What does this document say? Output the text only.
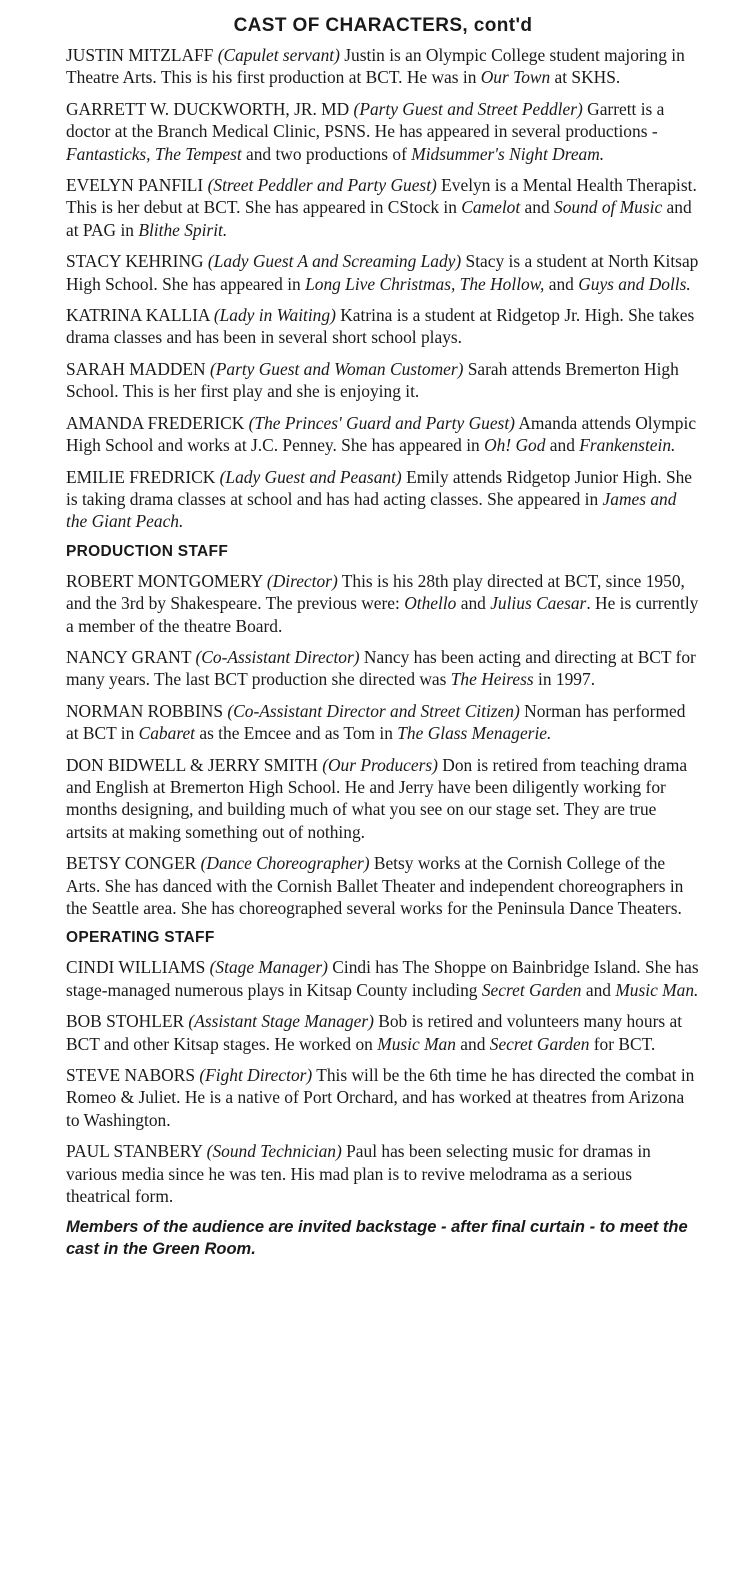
CAST OF CHARACTERS, cont'd

JUSTIN MITZLAFF (Capulet servant) Justin is an Olympic College student majoring in Theatre Arts. This is his first production at BCT. He was in Our Town at SKHS.

GARRETT W. DUCKWORTH, JR. MD (Party Guest and Street Peddler) Garrett is a doctor at the Branch Medical Clinic, PSNS. He has appeared in several productions - Fantasticks, The Tempest and two productions of Midsummer's Night Dream.

EVELYN PANFILI (Street Peddler and Party Guest) Evelyn is a Mental Health Therapist. This is her debut at BCT. She has appeared in CStock in Camelot and Sound of Music and at PAG in Blithe Spirit.

STACY KEHRING (Lady Guest A and Screaming Lady) Stacy is a student at North Kitsap High School. She has appeared in Long Live Christmas, The Hollow, and Guys and Dolls.

KATRINA KALLIA (Lady in Waiting) Katrina is a student at Ridgetop Jr. High. She takes drama classes and has been in several short school plays.

SARAH MADDEN (Party Guest and Woman Customer) Sarah attends Bremerton High School. This is her first play and she is enjoying it.

AMANDA FREDERICK (The Princes' Guard and Party Guest) Amanda attends Olympic High School and works at J.C. Penney. She has appeared in Oh! God and Frankenstein.

EMILIE FREDRICK (Lady Guest and Peasant) Emily attends Ridgetop Junior High. She is taking drama classes at school and has had acting classes. She appeared in James and the Giant Peach.

PRODUCTION STAFF

ROBERT MONTGOMERY (Director) This is his 28th play directed at BCT, since 1950, and the 3rd by Shakespeare. The previous were: Othello and Julius Caesar. He is currently a member of the theatre Board.

NANCY GRANT (Co-Assistant Director) Nancy has been acting and directing at BCT for many years. The last BCT production she directed was The Heiress in 1997.

NORMAN ROBBINS (Co-Assistant Director and Street Citizen) Norman has performed at BCT in Cabaret as the Emcee and as Tom in The Glass Menagerie.

DON BIDWELL & JERRY SMITH (Our Producers) Don is retired from teaching drama and English at Bremerton High School. He and Jerry have been diligently working for months designing, and building much of what you see on our stage set. They are true artsits at making something out of nothing.

BETSY CONGER (Dance Choreographer) Betsy works at the Cornish College of the Arts. She has danced with the Cornish Ballet Theater and independent choreographers in the Seattle area. She has choreographed several works for the Peninsula Dance Theaters.

OPERATING STAFF

CINDI WILLIAMS (Stage Manager) Cindi has The Shoppe on Bainbridge Island. She has stage-managed numerous plays in Kitsap County including Secret Garden and Music Man.

BOB STOHLER (Assistant Stage Manager) Bob is retired and volunteers many hours at BCT and other Kitsap stages. He worked on Music Man and Secret Garden for BCT.

STEVE NABORS (Fight Director) This will be the 6th time he has directed the combat in Romeo & Juliet. He is a native of Port Orchard, and has worked at theatres from Arizona to Washington.

PAUL STANBERY (Sound Technician) Paul has been selecting music for dramas in various media since he was ten. His mad plan is to revive melodrama as a serious theatrical form.

Members of the audience are invited backstage - after final curtain - to meet the cast in the Green Room.
